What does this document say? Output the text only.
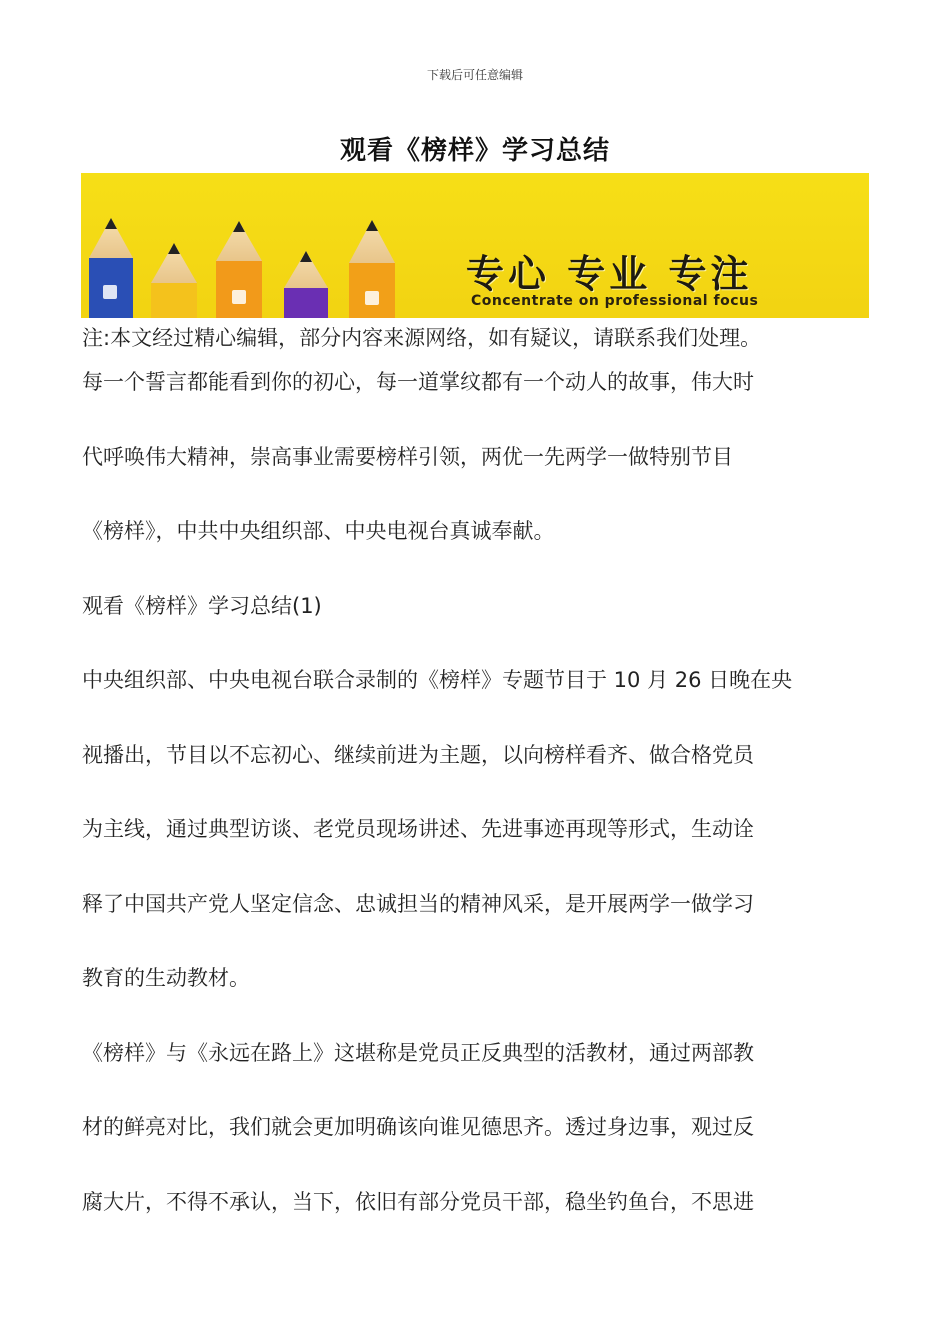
下载后可任意编辑
观看《榜样》学习总结
专心 专业 专注
Concentrate on professional focus
注:本文经过精心编辑，部分内容来源网络，如有疑议，请联系我们处理。

每一个誓言都能看到你的初心，每一道掌纹都有一个动人的故事，伟大时

代呼唤伟大精神，崇高事业需要榜样引领，两优一先两学一做特别节目

《榜样》，中共中央组织部、中央电视台真诚奉献。

观看《榜样》学习总结(1)

中央组织部、中央电视台联合录制的《榜样》专题节目于 10 月 26 日晚在央

视播出，节目以不忘初心、继续前进为主题，以向榜样看齐、做合格党员

为主线，通过典型访谈、老党员现场讲述、先进事迹再现等形式，生动诠

释了中国共产党人坚定信念、忠诚担当的精神风采，是开展两学一做学习

教育的生动教材。

《榜样》与《永远在路上》这堪称是党员正反典型的活教材，通过两部教

材的鲜亮对比，我们就会更加明确该向谁见德思齐。透过身边事，观过反

腐大片，不得不承认，当下，依旧有部分党员干部，稳坐钓鱼台，不思进
